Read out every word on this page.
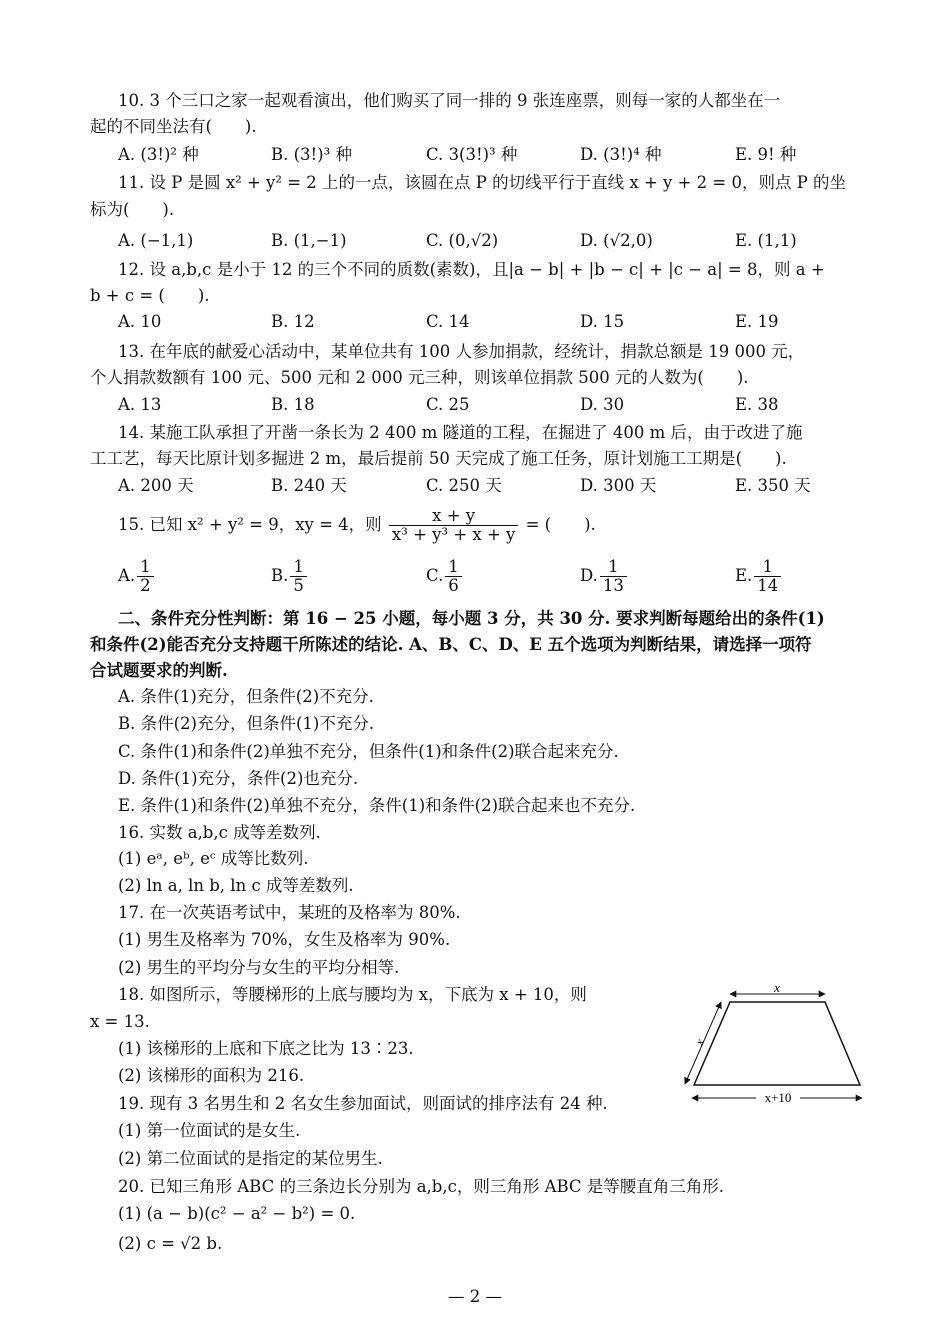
10. 3 个三口之家一起观看演出，他们购买了同一排的 9 张连座票，则每一家的人都坐在一
起的不同坐法有(　　).
A. (3!)² 种	B. (3!)³ 种	C. 3(3!)³ 种	D. (3!)⁴ 种	E. 9! 种
11. 设 P 是圆 x² + y² = 2 上的一点，该圆在点 P 的切线平行于直线 x + y + 2 = 0，则点 P 的坐
标为(　　).
A. (−1,1)	B. (1,−1)	C. (0,√2)	D. (√2,0)	E. (1,1)
12. 设 a,b,c 是小于 12 的三个不同的质数(素数)，且|a − b| + |b − c| + |c − a| = 8，则 a +
b + c = (　　).
A. 10	B. 12	C. 14	D. 15	E. 19
13. 在年底的献爱心活动中，某单位共有 100 人参加捐款，经统计，捐款总额是 19 000 元，
个人捐款数额有 100 元、500 元和 2 000 元三种，则该单位捐款 500 元的人数为(　　).
A. 13	B. 18	C. 25	D. 30	E. 38
14. 某施工队承担了开凿一条长为 2 400 m 隧道的工程，在掘进了 400 m 后，由于改进了施
工工艺，每天比原计划多掘进 2 m，最后提前 50 天完成了施工任务，原计划施工工期是(　　).
A. 200 天	B. 240 天	C. 250 天	D. 300 天	E. 350 天
15. 已知 x² + y² = 9，xy = 4，则 $\frac{x + y}{\text{x³ + y³ + x + y}}$ = (　　).
A. $\frac{1}{2}$	B. $\frac{1}{5}$	C. $\frac{1}{6}$	D. $\frac{1}{13}$	E. $\frac{1}{14}$
二、条件充分性判断：第 16 − 25 小题，每小题 3 分，共 30 分. 要求判断每题给出的条件(1)
和条件(2)能否充分支持题干所陈述的结论. A、B、C、D、E 五个选项为判断结果，请选择一项符
合试题要求的判断.
A. 条件(1)充分，但条件(2)不充分.
B. 条件(2)充分，但条件(1)不充分.
C. 条件(1)和条件(2)单独不充分，但条件(1)和条件(2)联合起来充分.
D. 条件(1)充分，条件(2)也充分.
E. 条件(1)和条件(2)单独不充分，条件(1)和条件(2)联合起来也不充分.
16. 实数 a,b,c 成等差数列.
(1) eᵃ, eᵇ, eᶜ 成等比数列.
(2) ln a, ln b, ln c 成等差数列.
17. 在一次英语考试中，某班的及格率为 80%.
(1) 男生及格率为 70%，女生及格率为 90%.
(2) 男生的平均分与女生的平均分相等.
18. 如图所示，等腰梯形的上底与腰均为 x，下底为 x + 10，则
x = 13.
(1) 该梯形的上底和下底之比为 13∶23.
(2) 该梯形的面积为 216.
x
x
x+10
19. 现有 3 名男生和 2 名女生参加面试，则面试的排序法有 24 种.
(1) 第一位面试的是女生.
(2) 第二位面试的是指定的某位男生.
20. 已知三角形 ABC 的三条边长分别为 a,b,c，则三角形 ABC 是等腰直角三角形.
(1) (a − b)(c² − a² − b²) = 0.
(2) c = √2 b.
— 2 —
